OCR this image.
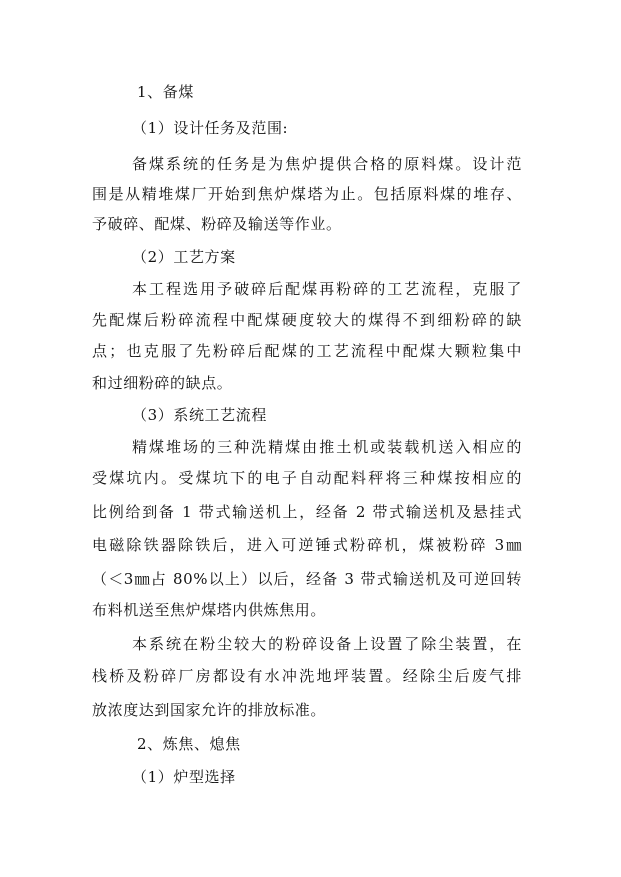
1、备煤
（1）设计任务及范围:
备煤系统的任务是为焦炉提供合格的原料煤。设计范
围是从精堆煤厂开始到焦炉煤塔为止。包括原料煤的堆存、
予破碎、配煤、粉碎及输送等作业。
（2）工艺方案
本工程选用予破碎后配煤再粉碎的工艺流程，克服了
先配煤后粉碎流程中配煤硬度较大的煤得不到细粉碎的缺
点；也克服了先粉碎后配煤的工艺流程中配煤大颗粒集中
和过细粉碎的缺点。
（3）系统工艺流程
精煤堆场的三种洗精煤由推土机或装载机送入相应的
受煤坑内。受煤坑下的电子自动配料秤将三种煤按相应的
比例给到备 1 带式输送机上，经备 2 带式输送机及悬挂式
电磁除铁器除铁后，进入可逆锤式粉碎机，煤被粉碎 3㎜
（＜3㎜占 80%以上）以后，经备 3 带式输送机及可逆回转
布料机送至焦炉煤塔内供炼焦用。
本系统在粉尘较大的粉碎设备上设置了除尘装置，在
栈桥及粉碎厂房都设有水冲洗地坪装置。经除尘后废气排
放浓度达到国家允许的排放标准。
2、炼焦、熄焦
（1）炉型选择
